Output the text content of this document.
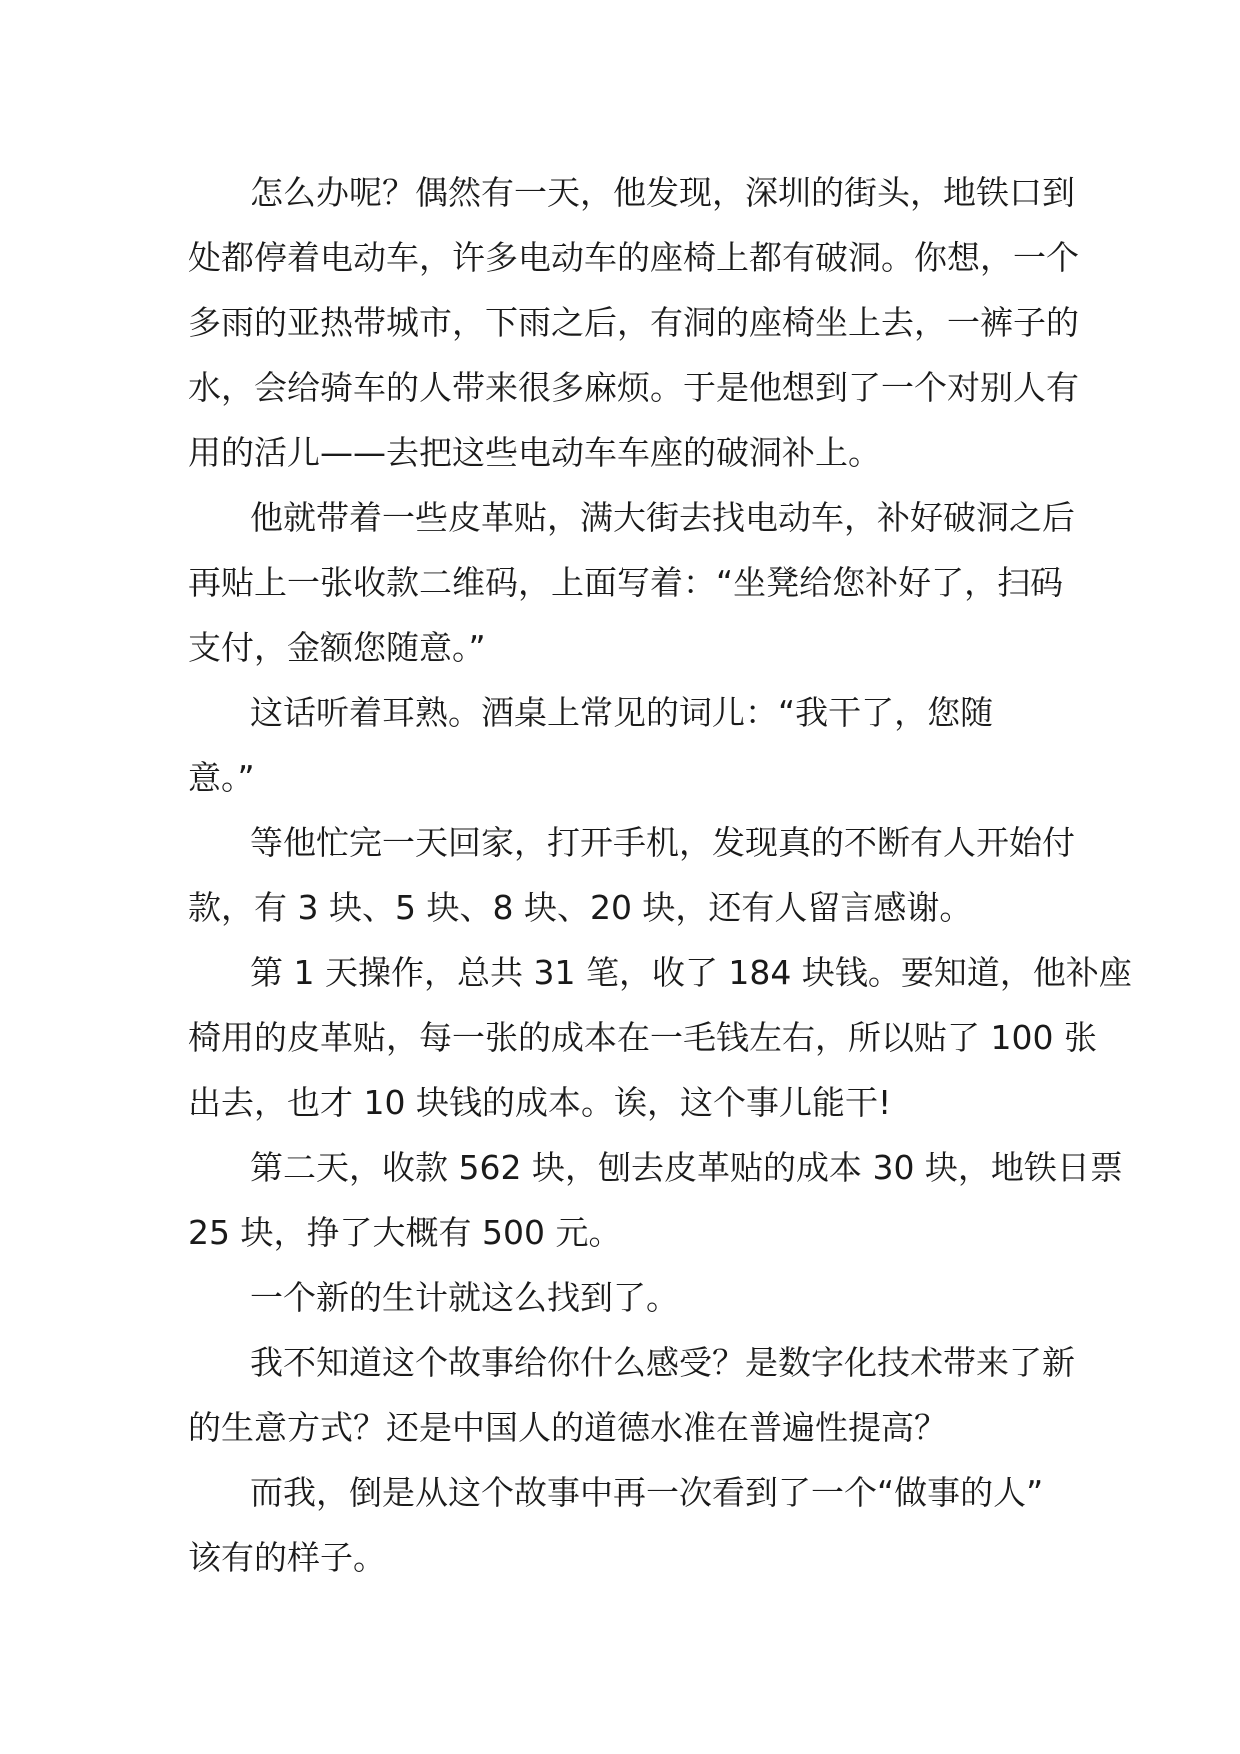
怎么办呢？偶然有一天，他发现，深圳的街头，地铁口到
处都停着电动车，许多电动车的座椅上都有破洞。你想，一个
多雨的亚热带城市，下雨之后，有洞的座椅坐上去，一裤子的
水，会给骑车的人带来很多麻烦。于是他想到了一个对别人有
用的活儿——去把这些电动车车座的破洞补上。
他就带着一些皮革贴，满大街去找电动车，补好破洞之后
再贴上一张收款二维码，上面写着：“坐凳给您补好了，扫码
支付，金额您随意。”
这话听着耳熟。酒桌上常见的词儿：“我干了，您随
意。”
等他忙完一天回家，打开手机，发现真的不断有人开始付
款，有 3 块、5 块、8 块、20 块，还有人留言感谢。
第 1 天操作，总共 31 笔，收了 184 块钱。要知道，他补座
椅用的皮革贴，每一张的成本在一毛钱左右，所以贴了 100 张
出去，也才 10 块钱的成本。诶，这个事儿能干!
第二天，收款 562 块，刨去皮革贴的成本 30 块，地铁日票
25 块，挣了大概有 500 元。
一个新的生计就这么找到了。
我不知道这个故事给你什么感受？是数字化技术带来了新
的生意方式？还是中国人的道德水准在普遍性提高？
而我，倒是从这个故事中再一次看到了一个“做事的人”
该有的样子。
